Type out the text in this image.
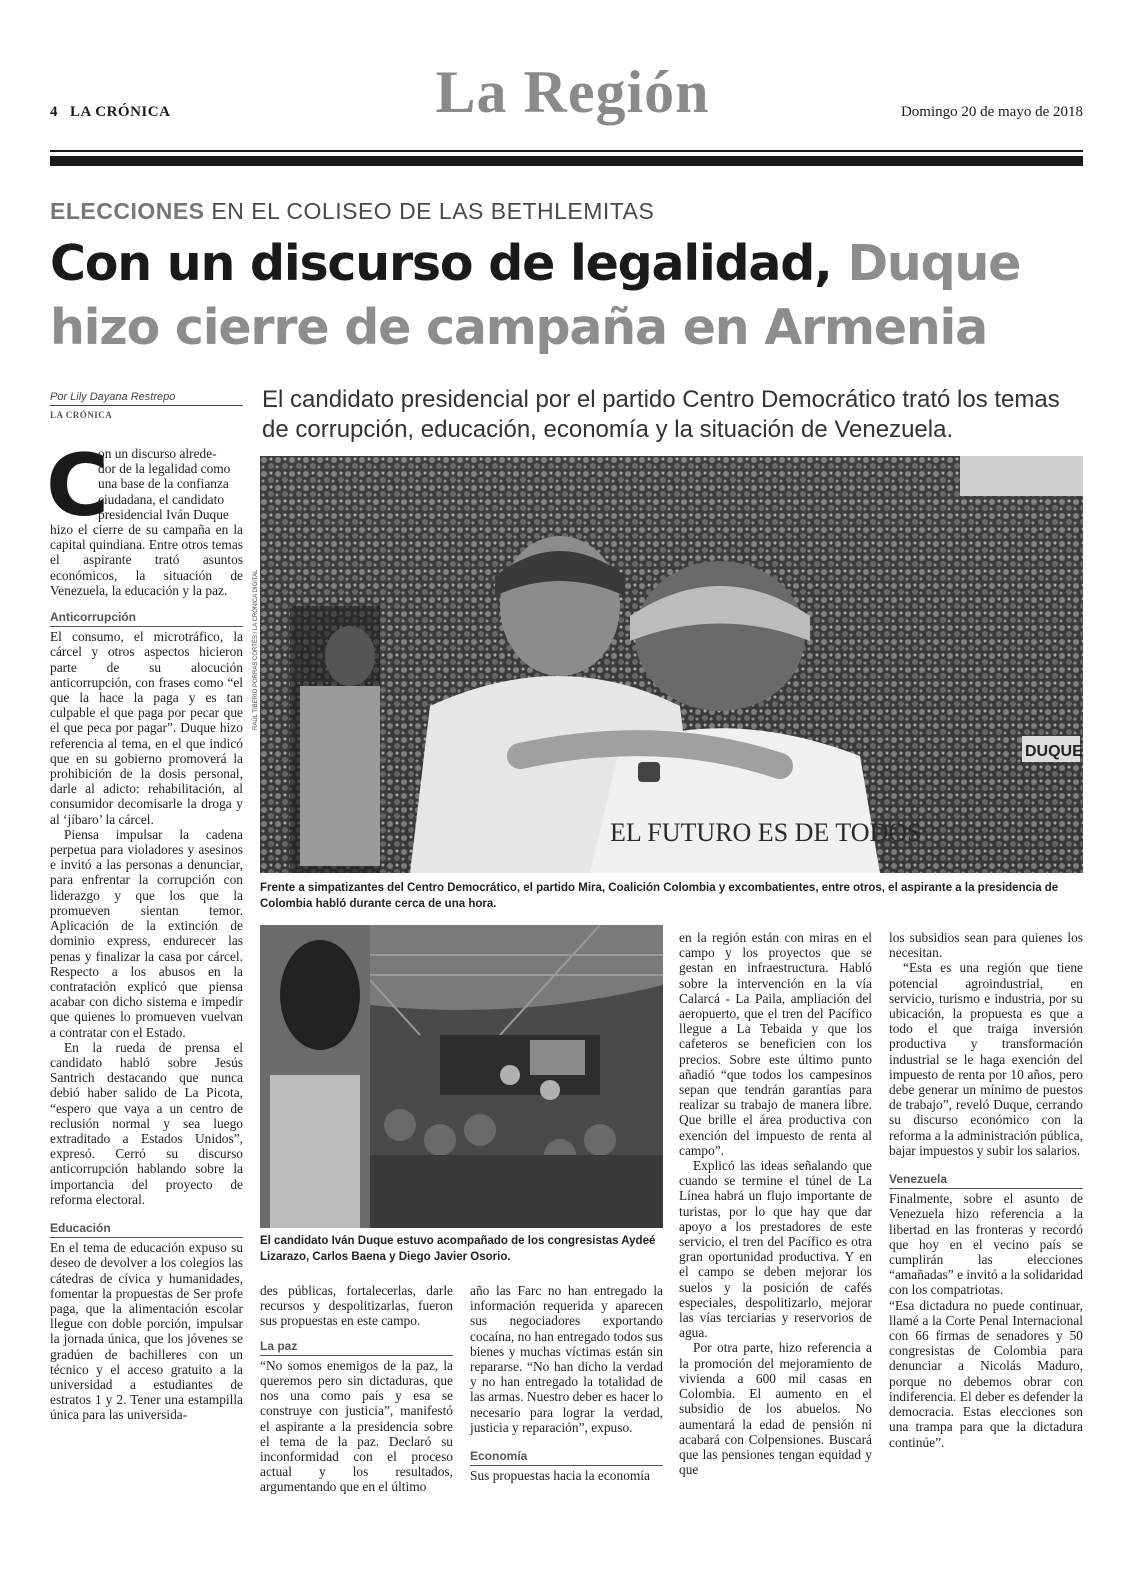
4 LA CRÓNICA	La Región	Domingo 20 de mayo de 2018
ELECCIONES EN EL COLISEO DE LAS BETHLEMITAS
Con un discurso de legalidad, Duque hizo cierre de campaña en Armenia
Por Lily Dayana Restrepo
LA CRÓNICA
El candidato presidencial por el partido Centro Democrático trató los temas de corrupción, educación, economía y la situación de Venezuela.
EL FUTURO ES DE TODOS
DUQUE
RAÚL TIBERIO PORRAS CORTÉS / LA CRÓNICA DIGITAL
Frente a simpatizantes del Centro Democrático, el partido Mira, Coalición Colombia y excombatientes, entre otros, el aspirante a la presidencia de Colombia habló durante cerca de una hora.
El candidato Iván Duque estuvo acompañado de los congresistas Aydeé Lizarazo, Carlos Baena y Diego Javier Osorio.
C
on un discurso alrede-
dor de la legalidad como
una base de la confianza
ciudadana, el candidato
presidencial Iván Duque

hizo el cierre de su campaña en la capital quindiana. Entre otros temas el aspirante trató asuntos económicos, la situación de Venezuela, la educación y la paz.

Anticorrupción

El consumo, el microtráfico, la cárcel y otros aspectos hicieron parte de su alocución anticorrupción, con frases como “el que la hace la paga y es tan culpable el que paga por pecar que el que peca por pagar”. Duque hizo referencia al tema, en el que indicó que en su gobierno promoverá la prohibición de la dosis personal, darle al adicto: rehabilitación, al consumidor decomisarle la droga y al ‘jíbaro’ la cárcel.

Piensa impulsar la cadena perpetua para violadores y asesinos e invitó a las personas a denunciar, para enfrentar la corrupción con liderazgo y que los que la promueven sientan temor. Aplicación de la extinción de dominio express, endurecer las penas y finalizar la casa por cárcel. Respecto a los abusos en la contratación explicó que piensa acabar con dicho sistema e impedir que quienes lo promueven vuelvan a contratar con el Estado.

En la rueda de prensa el candidato habló sobre Jesús Santrich destacando que nunca debió haber salido de La Picota, “espero que vaya a un centro de reclusión normal y sea luego extraditado a Estados Unidos”, expresó. Cerró su discurso anticorrupción hablando sobre la importancia del proyecto de reforma electoral.

Educación

En el tema de educación expuso su deseo de devolver a los colegios las cátedras de cívica y humanidades, fomentar la propuestas de Ser profe paga, que la alimentación escolar llegue con doble porción, impulsar la jornada única, que los jóvenes se gradúen de bachilleres con un técnico y el acceso gratuito a la universidad a estudiantes de estratos 1 y 2. Tener una estampilla única para las universida-

des públicas, fortalecerlas, darle recursos y despolitizarlas, fueron sus propuestas en este campo.

La paz

“No somos enemigos de la paz, la queremos pero sin dictaduras, que nos una como país y esa se construye con justicia”, manifestó el aspirante a la presidencia sobre el tema de la paz. Declaró su inconformidad con el proceso actual y los resultados, argumentando que en el último

año las Farc no han entregado la información requerida y aparecen sus negociadores exportando cocaína, no han entregado todos sus bienes y muchas víctimas están sin repararse. “No han dicho la verdad y no han entregado la totalidad de las armas. Nuestro deber es hacer lo necesario para lograr la verdad, justicia y reparación”, expuso.

Economía

Sus propuestas hacia la economía

en la región están con miras en el campo y los proyectos que se gestan en infraestructura. Habló sobre la intervención en la vía Calarcá - La Paila, ampliación del aeropuerto, que el tren del Pacífico llegue a La Tebaida y que los cafeteros se beneficien con los precios. Sobre este último punto añadió “que todos los campesinos sepan que tendrán garantías para realizar su trabajo de manera libre. Que brille el área productiva con exención del impuesto de renta al campo”.

Explicó las ideas señalando que cuando se termine el túnel de La Línea habrá un flujo importante de turistas, por lo que hay que dar apoyo a los prestadores de este servicio, el tren del Pacífico es otra gran oportunidad productiva. Y en el campo se deben mejorar los suelos y la posición de cafés especiales, despolitizarlo, mejorar las vías terciarias y reservorios de agua.

Por otra parte, hizo referencia a la promoción del mejoramiento de vivienda a 600 mil casas en Colombia. El aumento en el subsidio de los abuelos. No aumentará la edad de pensión ni acabará con Colpensiones. Buscará que las pensiones tengan equidad y que

los subsidios sean para quienes los necesitan.

“Esta es una región que tiene potencial agroindustrial, en servicio, turismo e industria, por su ubicación, la propuesta es que a todo el que traiga inversión productiva y transformación industrial se le haga exención del impuesto de renta por 10 años, pero debe generar un mínimo de puestos de trabajo”, reveló Duque, cerrando su discurso económico con la reforma a la administración pública, bajar impuestos y subir los salarios.

Venezuela

Finalmente, sobre el asunto de Venezuela hizo referencia a la libertad en las fronteras y recordó que hoy en el vecino país se cumplirán las elecciones “amañadas” e invitó a la solidaridad con los compatriotas.

“Esa dictadura no puede continuar, llamé a la Corte Penal Internacional con 66 firmas de senadores y 50 congresistas de Colombia para denunciar a Nicolás Maduro, porque no debemos obrar con indiferencia. El deber es defender la democracia. Estas elecciones son una trampa para que la dictadura continúe”.
